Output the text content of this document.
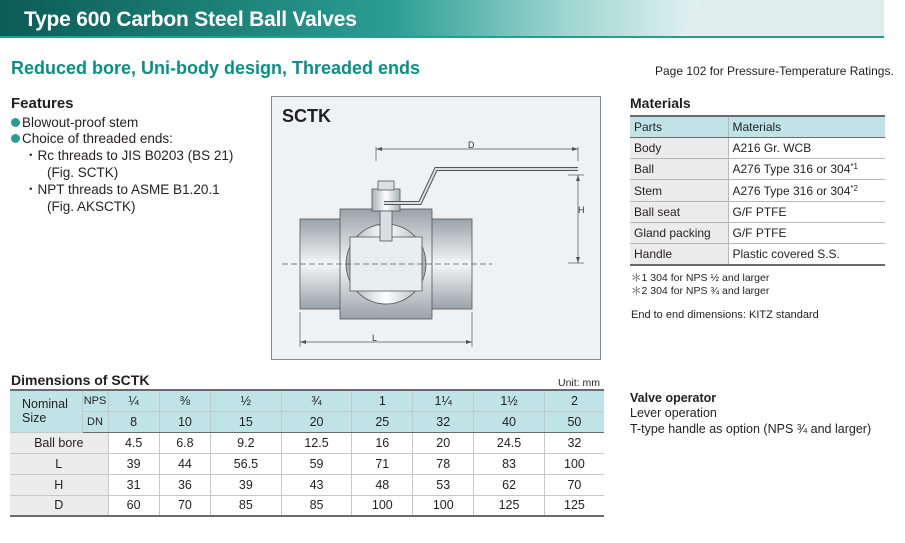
Type 600 Carbon Steel Ball Valves
Reduced bore, Uni-body design, Threaded ends	Page 102 for Pressure-Temperature Ratings.
Features
Blowout-proof stem
Choice of threaded ends:
・Rc threads to JIS B0203 (BS 21)
(Fig. SCTK)
・NPT threads to ASME B1.20.1
(Fig. AKSCTK)
D
H
L
SCTK
Materials
Parts	Materials
Body	A216 Gr. WCB
Ball	A276 Type 316 or 304$^{*1}$
Stem	A276 Type 316 or 304$^{*2}$
Ball seat	G/F PTFE
Gland packing	G/F PTFE
Handle	Plastic covered S.S.
＊1 304 for NPS ½ and larger
＊2 304 for NPS ¾ and larger
End to end dimensions: KITZ standard
Valve operator
Lever operation
T-type handle as option (NPS ¾ and larger)
Dimensions of SCTK	Unit: mm
Nominal Size	NPS	¼	⅜	½	¾	1	1¼	1½	2
	DN	8	10	15	20	25	32	40	50
Ball bore		4.5	6.8	9.2	12.5	16	20	24.5	32
L		39	44	56.5	59	71	78	83	100
H		31	36	39	43	48	53	62	70
D		60	70	85	85	100	100	125	125
